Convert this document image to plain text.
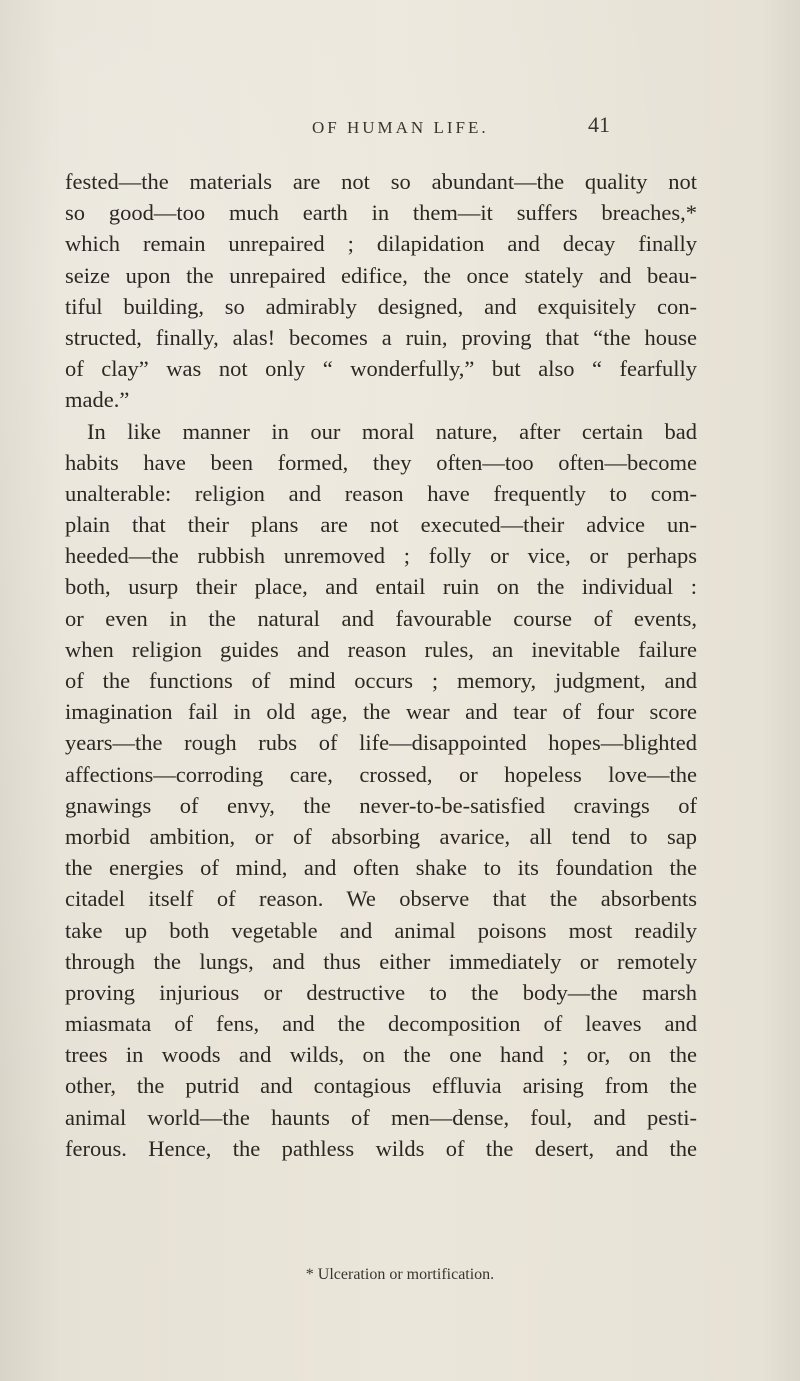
OF HUMAN LIFE.	41
fested—the materials are not so abundant—the quality not
so good—too much earth in them—it suffers breaches,*
which remain unrepaired ; dilapidation and decay finally
seize upon the unrepaired edifice, the once stately and beau-
tiful building, so admirably designed, and exquisitely con-
structed, finally, alas! becomes a ruin, proving that “the house
of clay” was not only “ wonderfully,” but also “ fearfully
made.”
In like manner in our moral nature, after certain bad
habits have been formed, they often—too often—become
unalterable: religion and reason have frequently to com-
plain that their plans are not executed—their advice un-
heeded—the rubbish unremoved ; folly or vice, or perhaps
both, usurp their place, and entail ruin on the individual :
or even in the natural and favourable course of events,
when religion guides and reason rules, an inevitable failure
of the functions of mind occurs ; memory, judgment, and
imagination fail in old age, the wear and tear of four score
years—the rough rubs of life—disappointed hopes—blighted
affections—corroding care, crossed, or hopeless love—the
gnawings of envy, the never-to-be-satisfied cravings of
morbid ambition, or of absorbing avarice, all tend to sap
the energies of mind, and often shake to its foundation the
citadel itself of reason. We observe that the absorbents
take up both vegetable and animal poisons most readily
through the lungs, and thus either immediately or remotely
proving injurious or destructive to the body—the marsh
miasmata of fens, and the decomposition of leaves and
trees in woods and wilds, on the one hand ; or, on the
other, the putrid and contagious effluvia arising from the
animal world—the haunts of men—dense, foul, and pesti-
ferous. Hence, the pathless wilds of the desert, and the
* Ulceration or mortification.
